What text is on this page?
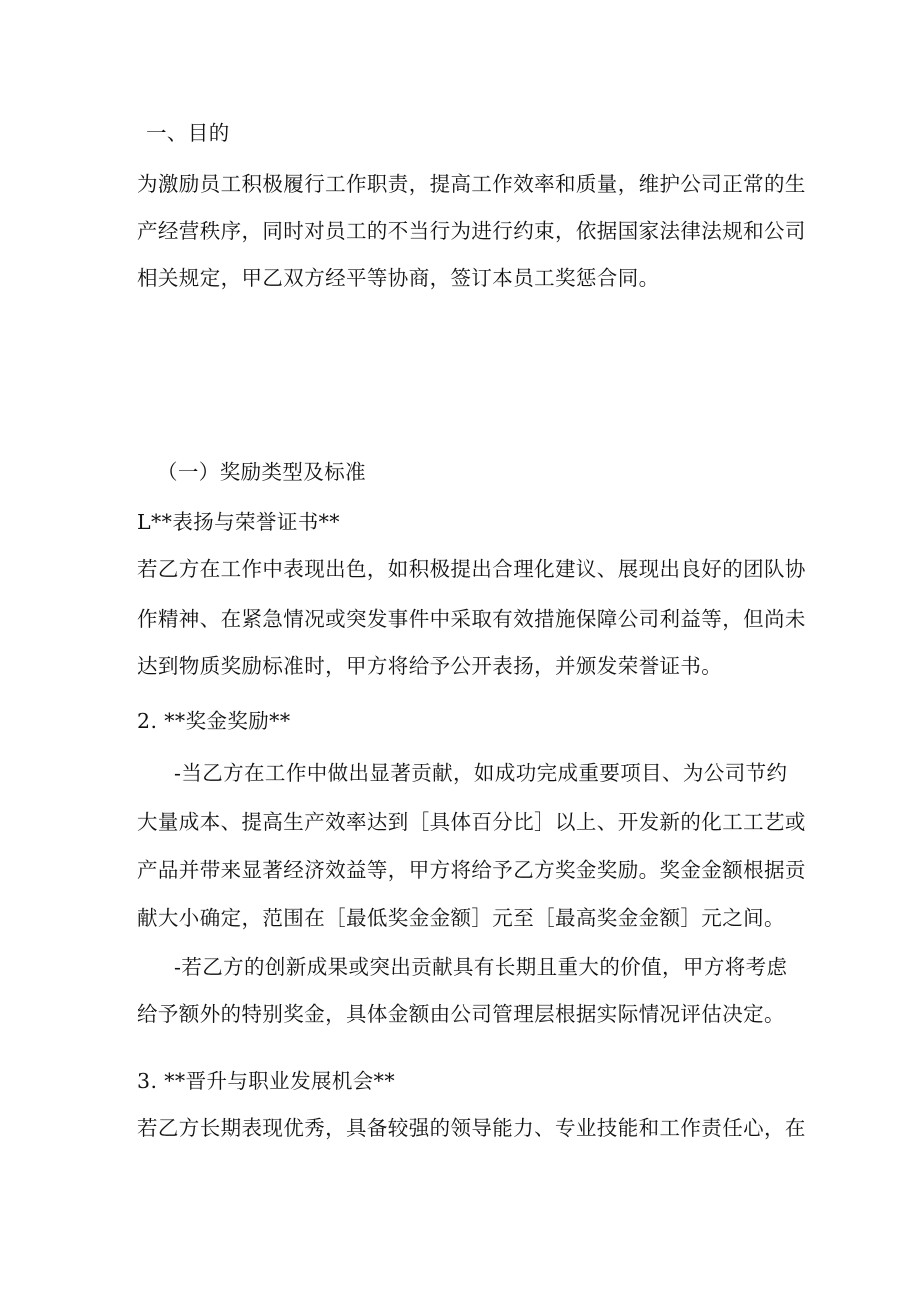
一、目的
为激励员工积极履行工作职责，提高工作效率和质量，维护公司正常的生
产经营秩序，同时对员工的不当行为进行约束，依据国家法律法规和公司
相关规定，甲乙双方经平等协商，签订本员工奖惩合同。
（一）奖励类型及标准
L**表扬与荣誉证书**
若乙方在工作中表现出色，如积极提出合理化建议、展现出良好的团队协
作精神、在紧急情况或突发事件中采取有效措施保障公司利益等，但尚未
达到物质奖励标准时，甲方将给予公开表扬，并颁发荣誉证书。
2. **奖金奖励**
-当乙方在工作中做出显著贡献，如成功完成重要项目、为公司节约
大量成本、提高生产效率达到［具体百分比］以上、开发新的化工工艺或
产品并带来显著经济效益等，甲方将给予乙方奖金奖励。奖金金额根据贡
献大小确定，范围在［最低奖金金额］元至［最高奖金金额］元之间。
-若乙方的创新成果或突出贡献具有长期且重大的价值，甲方将考虑
给予额外的特别奖金，具体金额由公司管理层根据实际情况评估决定。
3. **晋升与职业发展机会**
若乙方长期表现优秀，具备较强的领导能力、专业技能和工作责任心，在
